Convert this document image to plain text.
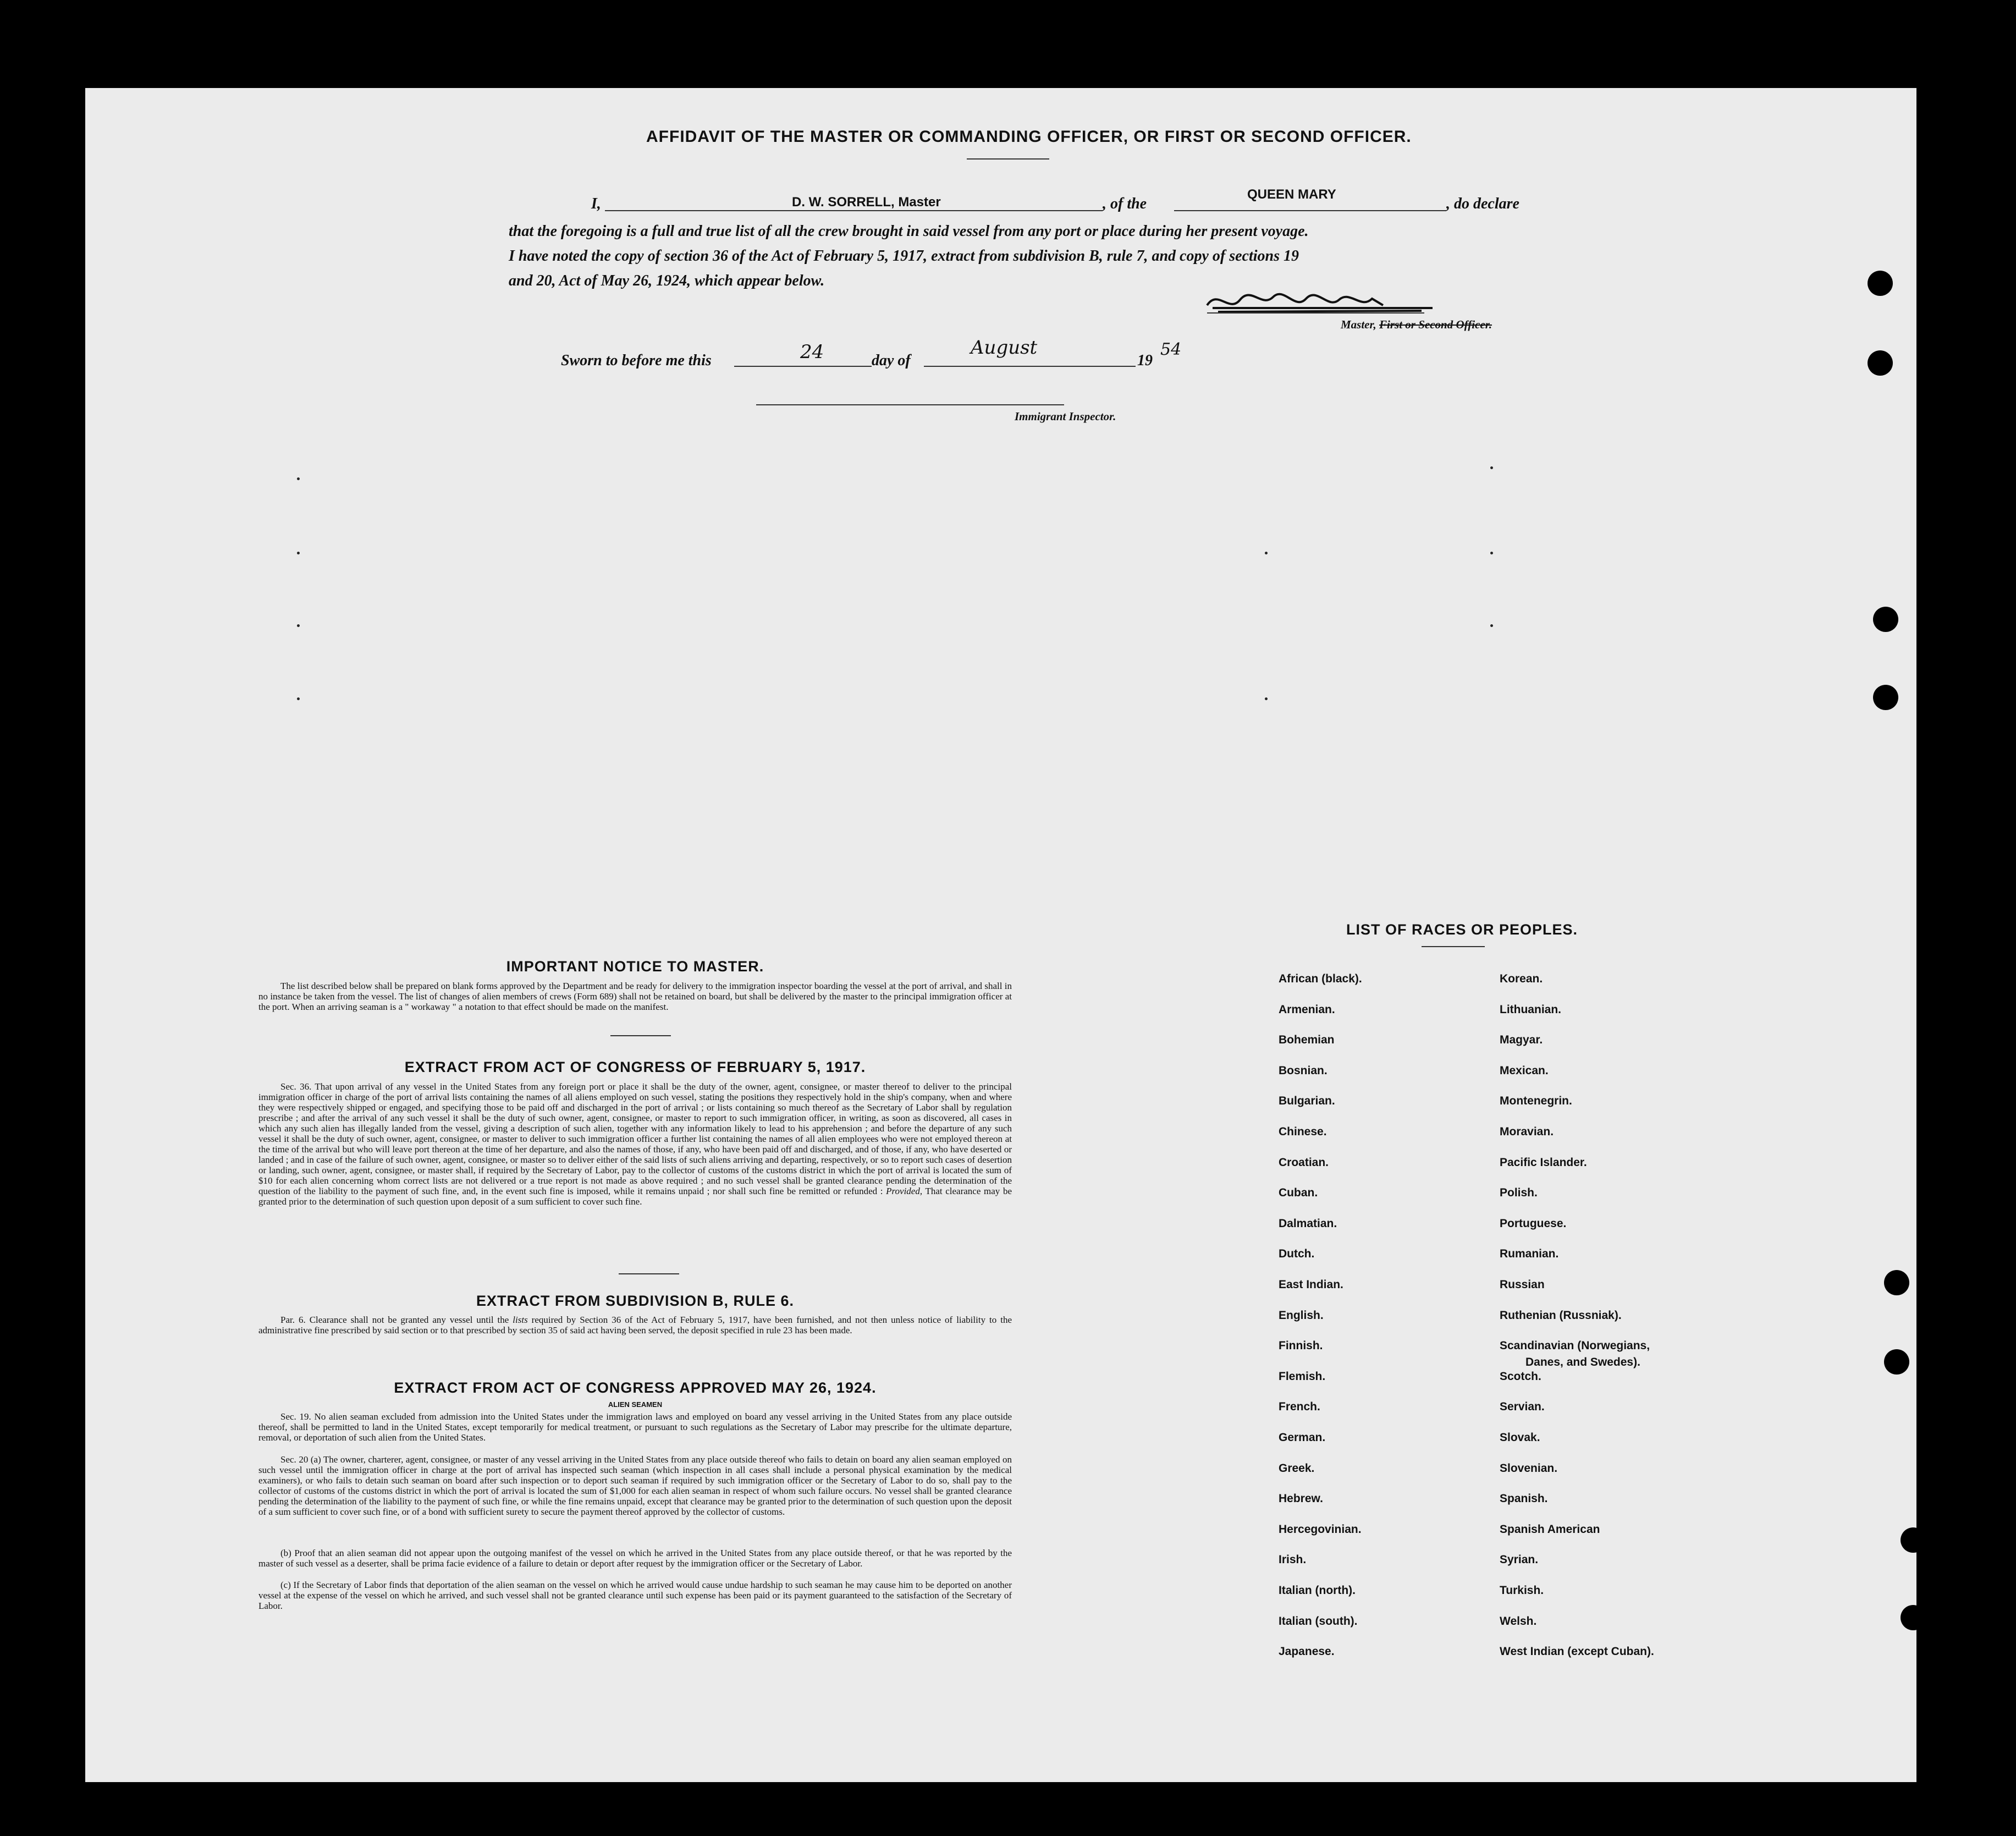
AFFIDAVIT OF THE MASTER OR COMMANDING OFFICER, OR FIRST OR SECOND OFFICER.
I,	D. W. SORRELL, Master	, of the
QUEEN MARY
, do declare
that the foregoing is a full and true list of all the crew brought in said vessel from any port or place during her present voyage.
I have noted the copy of section 36 of the Act of February 5, 1917, extract from subdivision B, rule 7, and copy of sections 19
and 20, Act of May 26, 1924, which appear below.
Master, First or Second Officer.
Sworn to before me this	24	day of
August
19
54
Immigrant Inspector.
IMPORTANT NOTICE TO MASTER.
The list described below shall be prepared on blank forms approved by the Department and be ready for delivery to the immigration inspector boarding the vessel at the port of arrival, and shall in no instance be taken from the vessel. The list of changes of alien members of crews (Form 689) shall not be retained on board, but shall be delivered by the master to the principal immigration officer at the port. When an arriving seaman is a " workaway " a notation to that effect should be made on the manifest.
EXTRACT FROM ACT OF CONGRESS OF FEBRUARY 5, 1917.
Sec. 36. That upon arrival of any vessel in the United States from any foreign port or place it shall be the duty of the owner, agent, consignee, or master thereof to deliver to the principal immigration officer in charge of the port of arrival lists containing the names of all aliens employed on such vessel, stating the positions they respectively hold in the ship's company, when and where they were respectively shipped or engaged, and specifying those to be paid off and discharged in the port of arrival ; or lists containing so much thereof as the Secretary of Labor shall by regulation prescribe ; and after the arrival of any such vessel it shall be the duty of such owner, agent, consignee, or master to report to such immigration officer, in writing, as soon as discovered, all cases in which any such alien has illegally landed from the vessel, giving a description of such alien, together with any information likely to lead to his apprehension ; and before the departure of any such vessel it shall be the duty of such owner, agent, consignee, or master to deliver to such immigration officer a further list containing the names of all alien employees who were not employed thereon at the time of the arrival but who will leave port thereon at the time of her departure, and also the names of those, if any, who have been paid off and discharged, and of those, if any, who have deserted or landed ; and in case of the failure of such owner, agent, consignee, or master so to deliver either of the said lists of such aliens arriving and departing, respectively, or so to report such cases of desertion or landing, such owner, agent, consignee, or master shall, if required by the Secretary of Labor, pay to the collector of customs of the customs district in which the port of arrival is located the sum of $10 for each alien concerning whom correct lists are not delivered or a true report is not made as above required ; and no such vessel shall be granted clearance pending the determination of the question of the liability to the payment of such fine, and, in the event such fine is imposed, while it remains unpaid ; nor shall such fine be remitted or refunded : Provided, That clearance may be granted prior to the determination of such question upon deposit of a sum sufficient to cover such fine.
EXTRACT FROM SUBDIVISION B, RULE 6.
Par. 6. Clearance shall not be granted any vessel until the lists required by Section 36 of the Act of February 5, 1917, have been furnished, and not then unless notice of liability to the administrative fine prescribed by said section or to that prescribed by section 35 of said act having been served, the deposit specified in rule 23 has been made.
EXTRACT FROM ACT OF CONGRESS APPROVED MAY 26, 1924.
ALIEN SEAMEN
Sec. 19. No alien seaman excluded from admission into the United States under the immigration laws and employed on board any vessel arriving in the United States from any place outside thereof, shall be permitted to land in the United States, except temporarily for medical treatment, or pursuant to such regulations as the Secretary of Labor may prescribe for the ultimate departure, removal, or deportation of such alien from the United States.
Sec. 20 (a) The owner, charterer, agent, consignee, or master of any vessel arriving in the United States from any place outside thereof who fails to detain on board any alien seaman employed on such vessel until the immigration officer in charge at the port of arrival has inspected such seaman (which inspection in all cases shall include a personal physical examination by the medical examiners), or who fails to detain such seaman on board after such inspection or to deport such seaman if required by such immigration officer or the Secretary of Labor to do so, shall pay to the collector of customs of the customs district in which the port of arrival is located the sum of $1,000 for each alien seaman in respect of whom such failure occurs. No vessel shall be granted clearance pending the determination of the liability to the payment of such fine, or while the fine remains unpaid, except that clearance may be granted prior to the determination of such question upon the deposit of a sum sufficient to cover such fine, or of a bond with sufficient surety to secure the payment thereof approved by the collector of customs.
(b) Proof that an alien seaman did not appear upon the outgoing manifest of the vessel on which he arrived in the United States from any place outside thereof, or that he was reported by the master of such vessel as a deserter, shall be prima facie evidence of a failure to detain or deport after request by the immigration officer or the Secretary of Labor.
(c) If the Secretary of Labor finds that deportation of the alien seaman on the vessel on which he arrived would cause undue hardship to such seaman he may cause him to be deported on another vessel at the expense of the vessel on which he arrived, and such vessel shall not be granted clearance until such expense has been paid or its payment guaranteed to the satisfaction of the Secretary of Labor.
LIST OF RACES OR PEOPLES.
African (black).
Armenian.
Bohemian
Bosnian.
Bulgarian.
Chinese.
Croatian.
Cuban.
Dalmatian.
Dutch.
East Indian.
English.
Finnish.
Flemish.
French.
German.
Greek.
Hebrew.
Hercegovinian.
Irish.
Italian (north).
Italian (south).
Japanese.
Korean.
Lithuanian.
Magyar.
Mexican.
Montenegrin.
Moravian.
Pacific Islander.
Polish.
Portuguese.
Rumanian.
Russian
Ruthenian (Russniak).
Scandinavian (Norwegians,
Scotch.
Servian.
Slovak.
Slovenian.
Spanish.
Spanish American
Syrian.
Turkish.
Welsh.
West Indian (except Cuban).
Danes, and Swedes).
